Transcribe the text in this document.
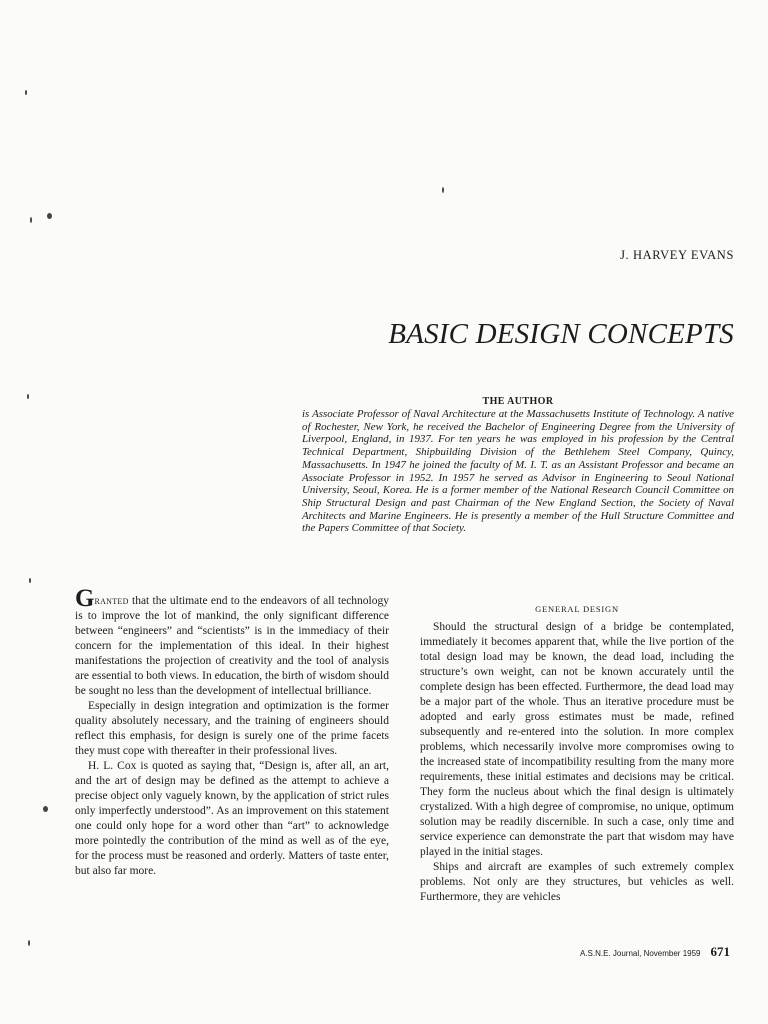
J. HARVEY EVANS
BASIC DESIGN CONCEPTS
THE AUTHOR

is Associate Professor of Naval Architecture at the Massachusetts Institute of Technology. A native of Rochester, New York, he received the Bachelor of Engineering Degree from the University of Liverpool, England, in 1937. For ten years he was employed in his profession by the Central Technical Department, Shipbuilding Division of the Bethlehem Steel Company, Quincy, Massachusetts. In 1947 he joined the faculty of M. I. T. as an Assistant Professor and became an Associate Professor in 1952. In 1957 he served as Advisor in Engineering to Seoul National University, Seoul, Korea. He is a former member of the National Research Council Committee on Ship Structural Design and past Chairman of the New England Section, the Society of Naval Architects and Marine Engineers. He is presently a member of the Hull Structure Committee and the Papers Committee of that Society.

Granted that the ultimate end to the endeavors of all technology is to improve the lot of mankind, the only significant difference between “engineers” and “scientists” is in the immediacy of their concern for the implementation of this ideal. In their highest manifestations the projection of creativity and the tool of analysis are essential to both views. In education, the birth of wisdom should be sought no less than the development of intellectual brilliance.

Especially in design integration and optimization is the former quality absolutely necessary, and the training of engineers should reflect this emphasis, for design is surely one of the prime facets they must cope with thereafter in their professional lives.

H. L. Cox is quoted as saying that, “Design is, after all, an art, and the art of design may be defined as the attempt to achieve a precise object only vaguely known, by the application of strict rules only imperfectly understood”. As an improvement on this statement one could only hope for a word other than “art” to acknowledge more pointedly the contribution of the mind as well as of the eye, for the process must be reasoned and orderly. Matters of taste enter, but also far more.

GENERAL DESIGN

Should the structural design of a bridge be contemplated, immediately it becomes apparent that, while the live portion of the total design load may be known, the dead load, including the structure’s own weight, can not be known accurately until the complete design has been effected. Furthermore, the dead load may be a major part of the whole. Thus an iterative procedure must be adopted and early gross estimates must be made, refined subsequently and re-entered into the solution. In more complex problems, which necessarily involve more compromises owing to the increased state of incompatibility resulting from the many more requirements, these initial estimates and decisions may be critical. They form the nucleus about which the final design is ultimately crystalized. With a high degree of compromise, no unique, optimum solution may be readily discernible. In such a case, only time and service experience can demonstrate the part that wisdom may have played in the initial stages.

Ships and aircraft are examples of such extremely complex problems. Not only are they structures, but vehicles as well. Furthermore, they are vehicles

A.S.N.E. Journal, November 1959 671
